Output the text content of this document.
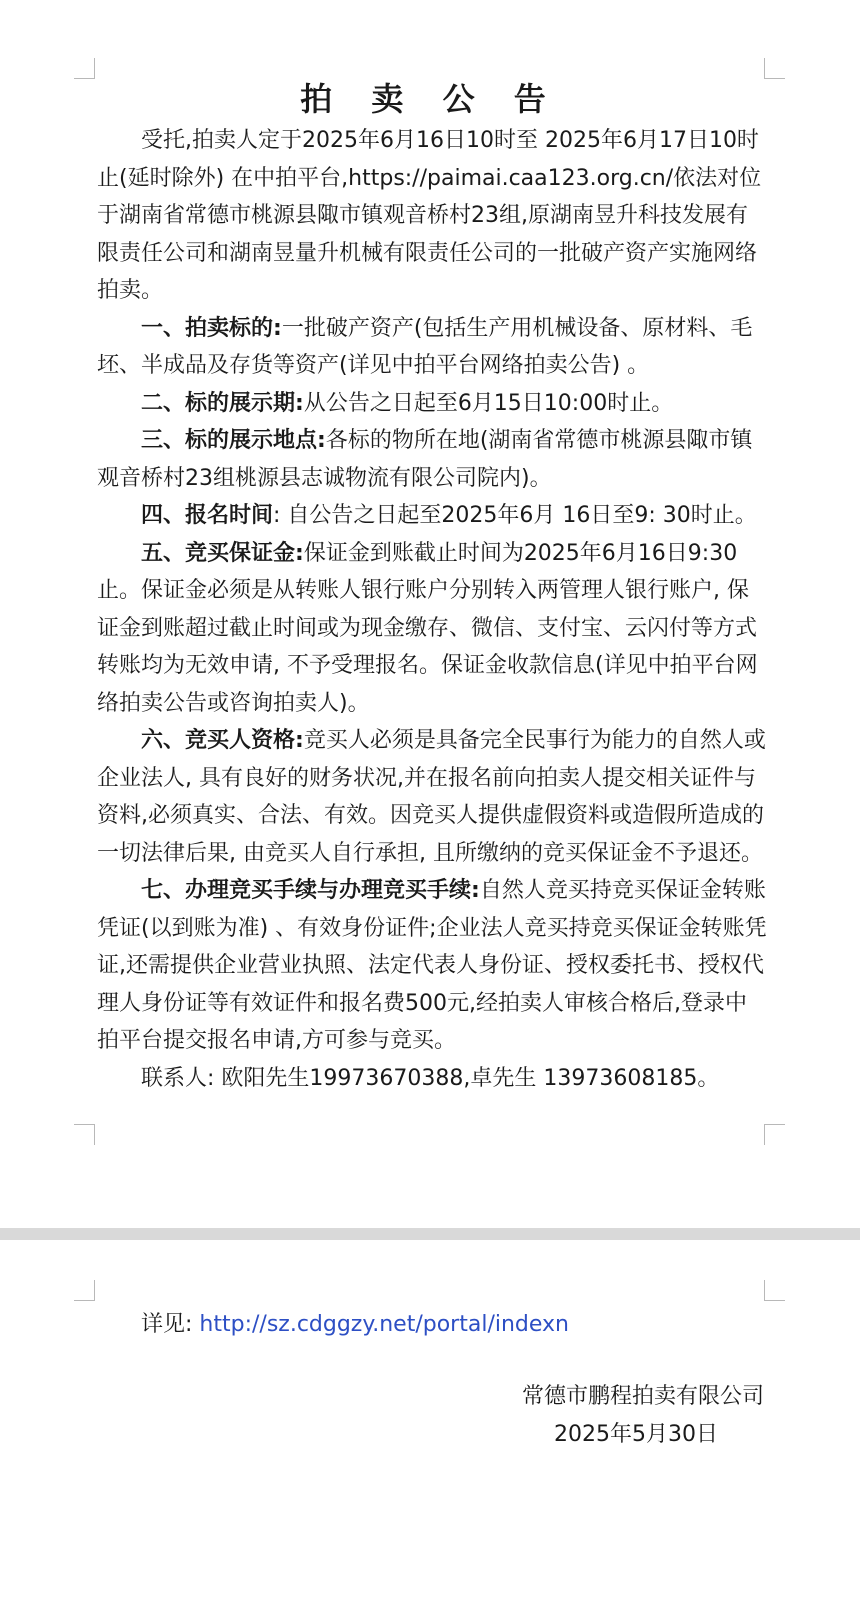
拍 卖 公 告

受托,拍卖人定于2025年6月16日10时至 2025年6月17日10时止(延时除外) 在中拍平台,https://paimai.caa123.org.cn/依法对位于湖南省常德市桃源县陬市镇观音桥村23组,原湖南昱升科技发展有限责任公司和湖南昱量升机械有限责任公司的一批破产资产实施网络拍卖。

一、拍卖标的:一批破产资产(包括生产用机械设备、原材料、毛坯、半成品及存货等资产(详见中拍平台网络拍卖公告) 。

二、标的展示期:从公告之日起至6月15日10:00时止。

三、标的展示地点:各标的物所在地(湖南省常德市桃源县陬市镇观音桥村23组桃源县志诚物流有限公司院内)。

四、报名时间: 自公告之日起至2025年6月 16日至9: 30时止。

五、竞买保证金:保证金到账截止时间为2025年6月16日9:30止。保证金必须是从转账人银行账户分别转入两管理人银行账户, 保证金到账超过截止时间或为现金缴存、微信、支付宝、云闪付等方式转账均为无效申请, 不予受理报名。保证金收款信息(详见中拍平台网络拍卖公告或咨询拍卖人)。

六、竞买人资格:竞买人必须是具备完全民事行为能力的自然人或企业法人, 具有良好的财务状况,并在报名前向拍卖人提交相关证件与资料,必须真实、合法、有效。因竞买人提供虚假资料或造假所造成的一切法律后果, 由竞买人自行承担, 且所缴纳的竞买保证金不予退还。

七、办理竞买手续与办理竞买手续:自然人竞买持竞买保证金转账凭证(以到账为准) 、有效身份证件;企业法人竞买持竞买保证金转账凭证,还需提供企业营业执照、法定代表人身份证、授权委托书、授权代理人身份证等有效证件和报名费500元,经拍卖人审核合格后,登录中拍平台提交报名申请,方可参与竞买。

联系人: 欧阳先生19973670388,卓先生 13973608185。

详见: http://sz.cdggzy.net/portal/indexn
常德市鹏程拍卖有限公司
2025年5月30日
